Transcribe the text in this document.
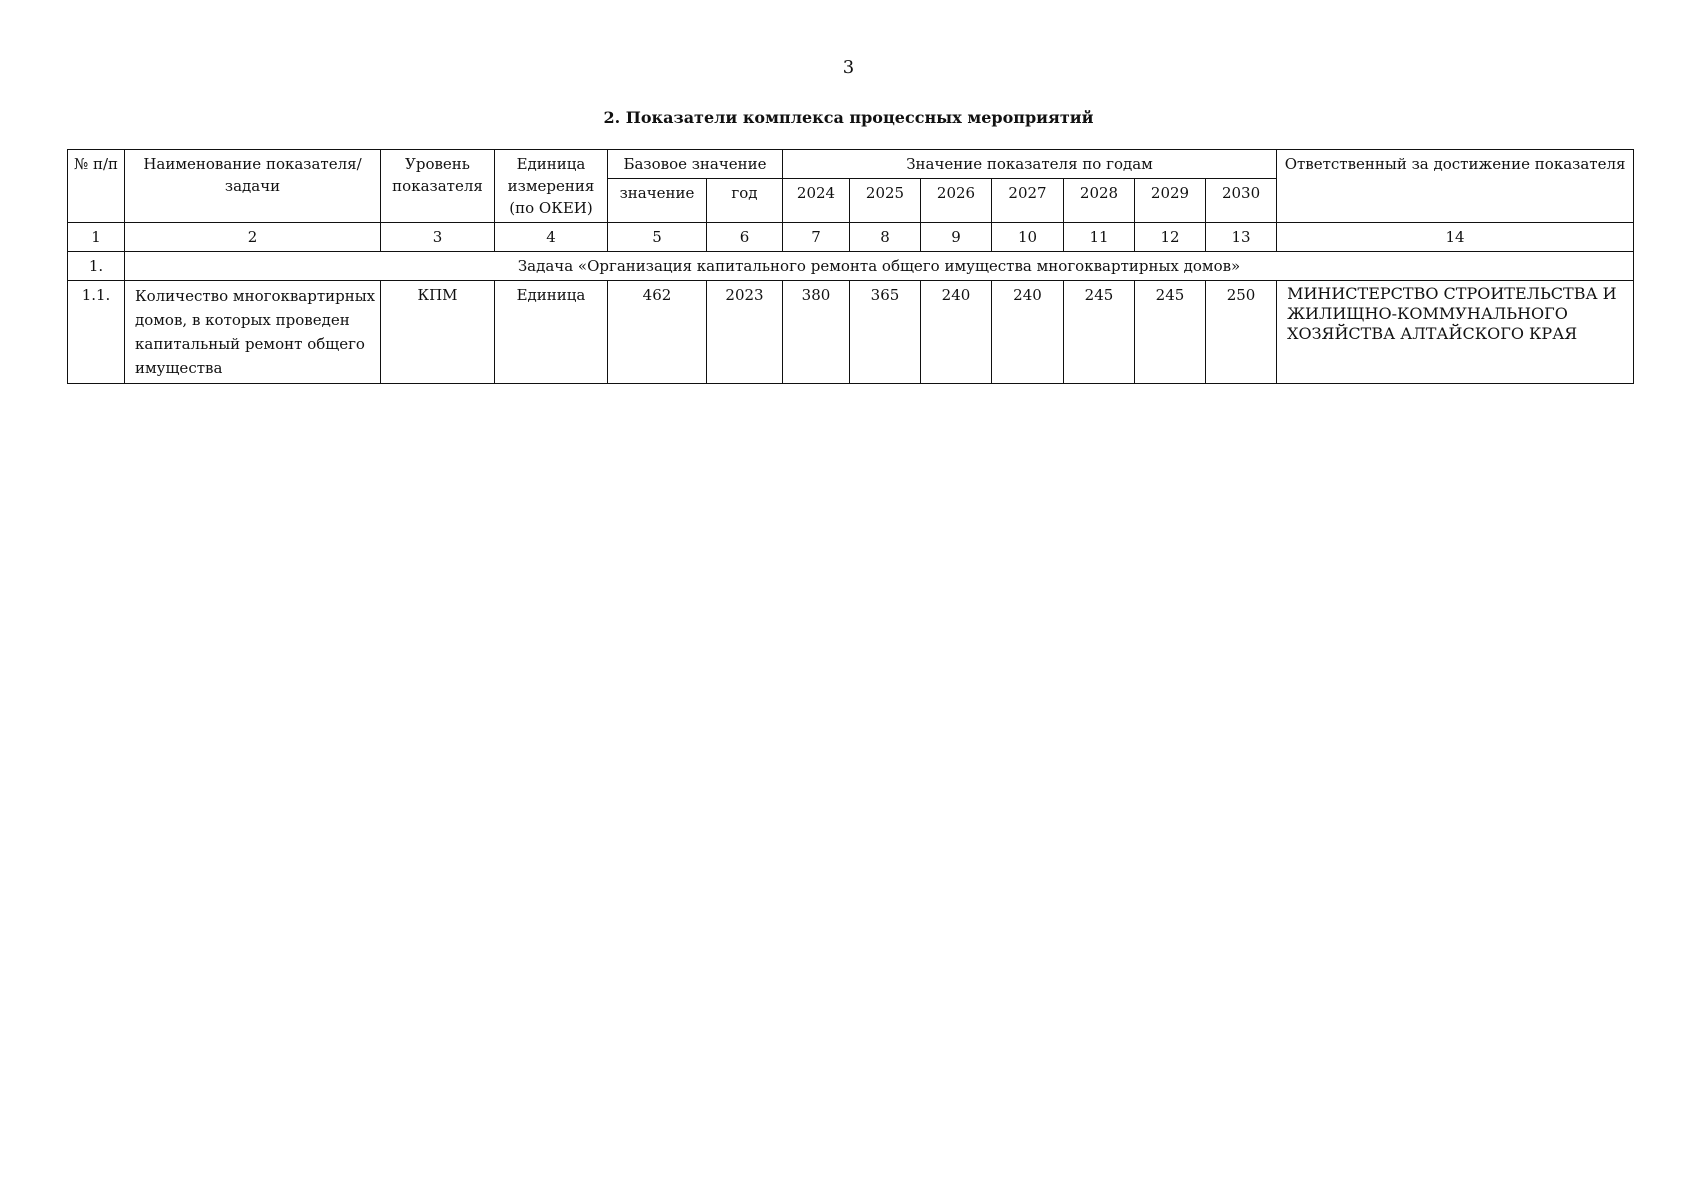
3
2. Показатели комплекса процессных мероприятий
№ п/п	Наименование показателя/задачи	Уровень показателя	Единица измерения (по ОКЕИ)	Базовое значение		Значение показателя по годам							Ответственный за достижение показателя
				значение	год	2024	2025	2026	2027	2028	2029	2030	
1	2	3	4	5	6	7	8	9	10	11	12	13	14
1.	Задача «Организация капитального ремонта общего имущества многоквартирных домов»												
1.1.	Количество многоквартирных домов, в которых проведен капитальный ремонт общего имущества	КПМ	Единица	462	2023	380	365	240	240	245	245	250	МИНИСТЕРСТВО СТРОИТЕЛЬСТВА И ЖИЛИЩНО-КОММУНАЛЬНОГО ХОЗЯЙСТВА АЛТАЙСКОГО КРАЯ
